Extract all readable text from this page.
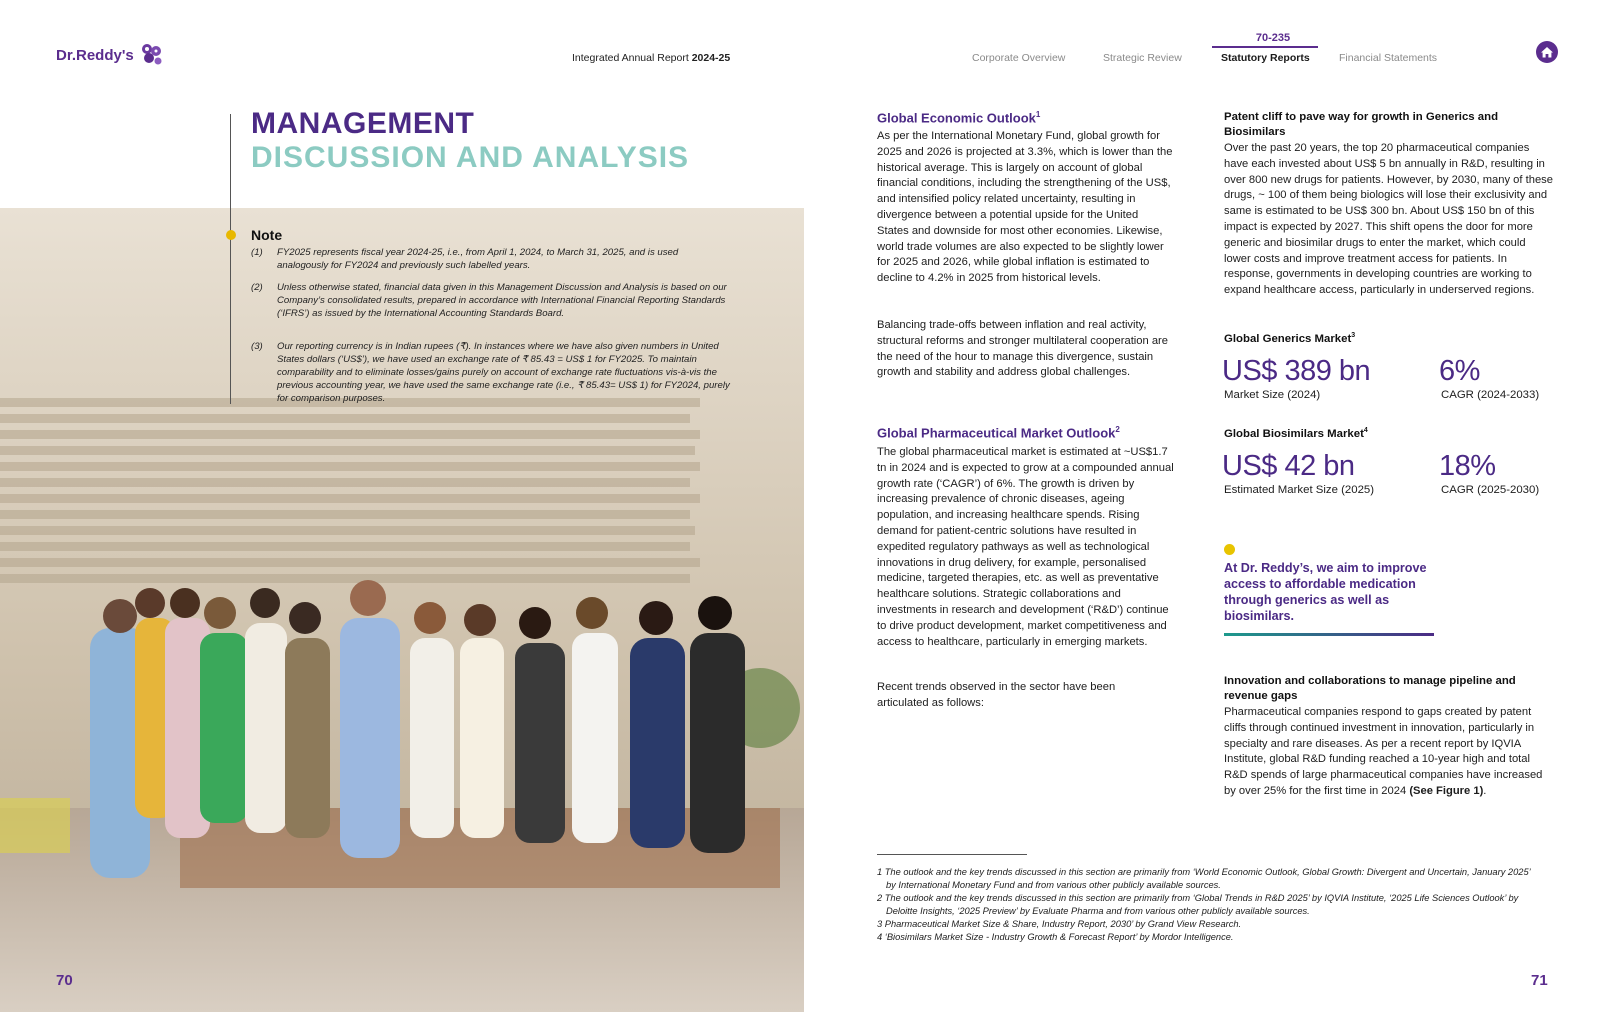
Dr.Reddy's	Integrated Annual Report 2024-25
70-235
Corporate Overview	Strategic Review	Statutory Reports	Financial Statements
MANAGEMENT
DISCUSSION AND ANALYSIS
Note
(1)	FY2025 represents fiscal year 2024-25, i.e., from April 1, 2024, to March 31, 2025, and is used analogously for FY2024 and previously such labelled years.
(2)	Unless otherwise stated, financial data given in this Management Discussion and Analysis is based on our Company’s consolidated results, prepared in accordance with International Financial Reporting Standards (‘IFRS’) as issued by the International Accounting Standards Board.
(3)	Our reporting currency is in Indian rupees (₹). In instances where we have also given numbers in United States dollars (‘US$’), we have used an exchange rate of ₹ 85.43 = US$ 1 for FY2025. To maintain comparability and to eliminate losses/gains purely on account of exchange rate fluctuations vis-à-vis the previous accounting year, we have used the same exchange rate (i.e., ₹ 85.43= US$ 1) for FY2024, purely for comparison purposes.
70
Global Economic Outlook$^1$
As per the International Monetary Fund, global growth for 2025 and 2026 is projected at 3.3%, which is lower than the historical average. This is largely on account of global financial conditions, including the strengthening of the US$, and intensified policy related uncertainty, resulting in divergence between a potential upside for the United States and downside for most other economies. Likewise, world trade volumes are also expected to be slightly lower for 2025 and 2026, while global inflation is estimated to decline to 4.2% in 2025 from historical levels.
Balancing trade-offs between inflation and real activity, structural reforms and stronger multilateral cooperation are the need of the hour to manage this divergence, sustain growth and stability and address global challenges.
Global Pharmaceutical Market Outlook$^2$
The global pharmaceutical market is estimated at ~US$1.7 tn in 2024 and is expected to grow at a compounded annual growth rate (‘CAGR’) of 6%. The growth is driven by increasing prevalence of chronic diseases, ageing population, and increasing healthcare spends. Rising demand for patient-centric solutions have resulted in expedited regulatory pathways as well as technological innovations in drug delivery, for example, personalised medicine, targeted therapies, etc. as well as preventative healthcare solutions. Strategic collaborations and investments in research and development (‘R&D’) continue to drive product development, market competitiveness and access to healthcare, particularly in emerging markets.
Recent trends observed in the sector have been articulated as follows:
Patent cliff to pave way for growth in Generics and Biosimilars
Over the past 20 years, the top 20 pharmaceutical companies have each invested about US$ 5 bn annually in R&D, resulting in over 800 new drugs for patients. However, by 2030, many of these drugs, ~ 100 of them being biologics will lose their exclusivity and same is estimated to be US$ 300 bn. About US$ 150 bn of this impact is expected by 2027. This shift opens the door for more generic and biosimilar drugs to enter the market, which could lower costs and improve treatment access for patients. In response, governments in developing countries are working to expand healthcare access, particularly in underserved regions.
Global Generics Market$^3$
US$ 389 bn
Market Size (2024)
6%
CAGR (2024-2033)
Global Biosimilars Market$^4$
US$ 42 bn
Estimated Market Size (2025)
18%
CAGR (2025-2030)
At Dr. Reddy’s, we aim to improve access to affordable medication through generics as well as biosimilars.
Innovation and collaborations to manage pipeline and revenue gaps
Pharmaceutical companies respond to gaps created by patent cliffs through continued investment in innovation, particularly in specialty and rare diseases. As per a recent report by IQVIA Institute, global R&D funding reached a 10-year high and total R&D spends of large pharmaceutical companies have increased by over 25% for the first time in 2024 (See Figure 1).
1 The outlook and the key trends discussed in this section are primarily from ‘World Economic Outlook, Global Growth: Divergent and Uncertain, January 2025’ by International Monetary Fund and from various other publicly available sources.
2 The outlook and the key trends discussed in this section are primarily from ‘Global Trends in R&D 2025’ by IQVIA Institute, ‘2025 Life Sciences Outlook’ by Deloitte Insights, ‘2025 Preview’ by Evaluate Pharma and from various other publicly available sources.
3 Pharmaceutical Market Size & Share, Industry Report, 2030’ by Grand View Research.
4 ‘Biosimilars Market Size - Industry Growth & Forecast Report’ by Mordor Intelligence.
71
